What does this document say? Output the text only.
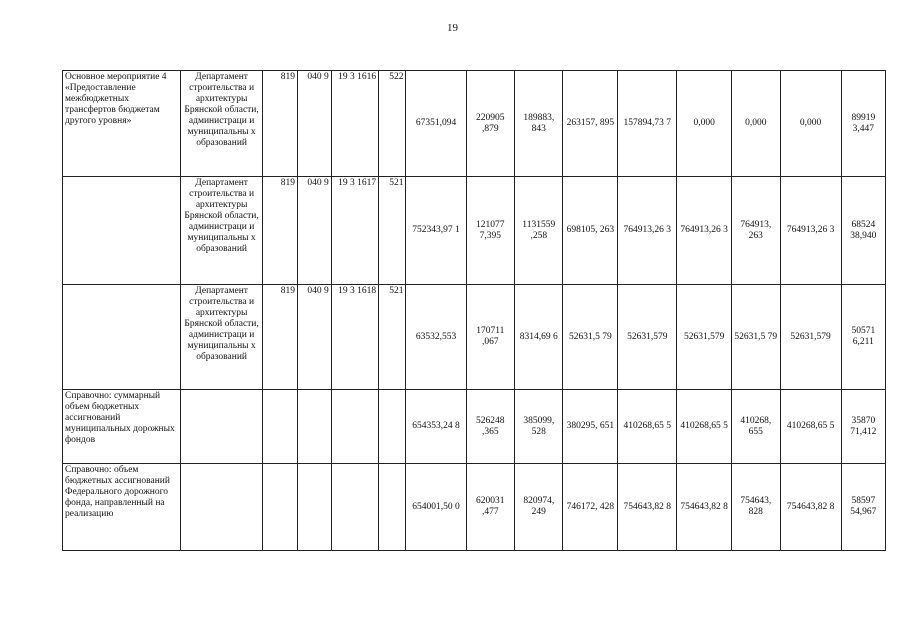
19
Основное мероприятие 4 «Предоставление межбюджетных трансфертов бюджетам другого уровня»	Департамент строительства и архитектуры Брянской области, администраци и муниципальны х образований	819	040 9	19 3 1616	522	67351,094	220905 ,879	189883, 843	263157, 895	157894,73 7	0,000	0,000	0,000	89919 3,447
	Департамент строительства и архитектуры Брянской области, администраци и муниципальны х образований	819	040 9	19 3 1617	521	752343,97 1	121077 7,395	1131559 ,258	698105, 263	764913,26 3	764913,26 3	764913, 263	764913,26 3	68524 38,940
	Департамент строительства и архитектуры Брянской области, администраци и муниципальны х образований	819	040 9	19 3 1618	521	63532,553	170711 ,067	8314,69 6	52631,5 79	52631,579	52631,579	52631,5 79	52631,579	50571 6,211
Справочно: суммарный объем бюджетных ассигнований муниципальных дорожных фондов						654353,24 8	526248 ,365	385099, 528	380295, 651	410268,65 5	410268,65 5	410268, 655	410268,65 5	35870 71,412
Справочно: объем бюджетных ассигнований Федерального дорожного фонда, направленный на реализацию						654001,50 0	620031 ,477	820974, 249	746172, 428	754643,82 8	754643,82 8	754643, 828	754643,82 8	58597 54,967
